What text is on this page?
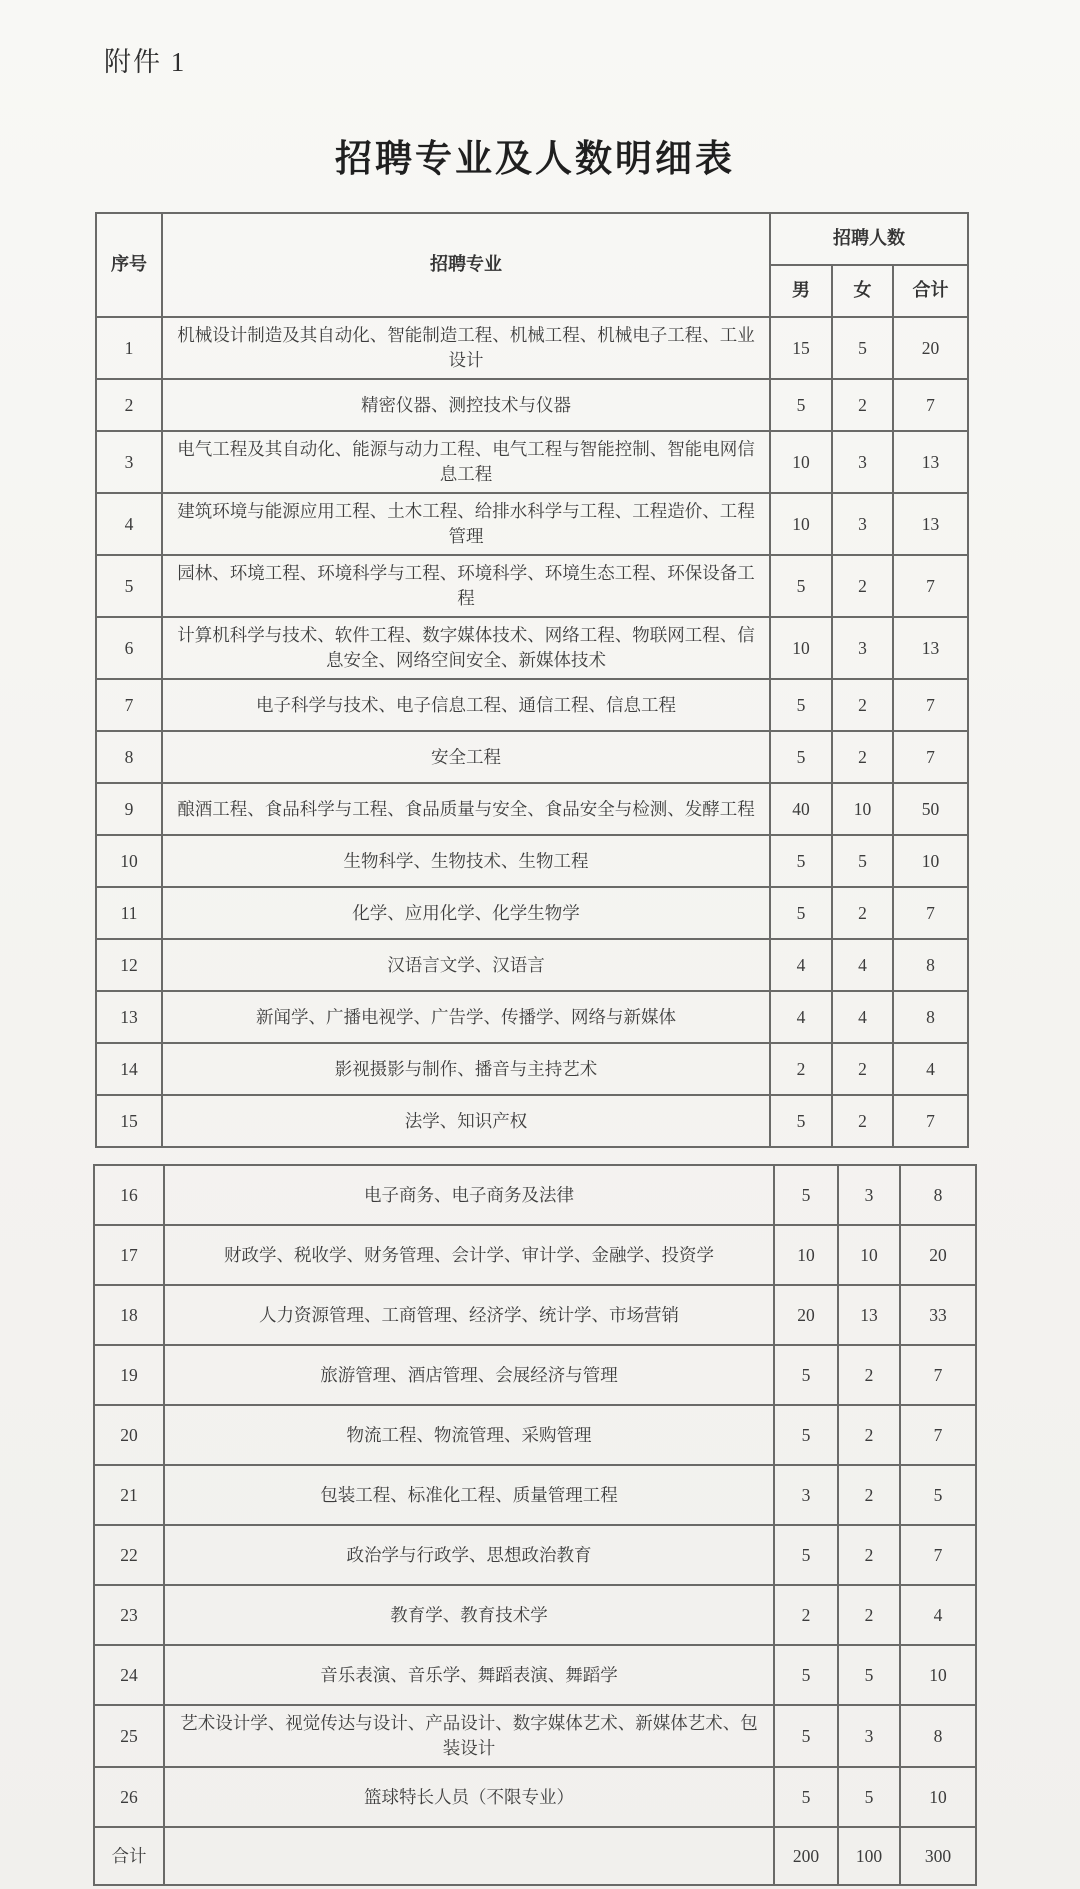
附件 1
招聘专业及人数明细表
序号	招聘专业	招聘人数		
		男	女	合计
1	机械设计制造及其自动化、智能制造工程、机械工程、机械电子工程、工业设计	15	5	20
2	精密仪器、测控技术与仪器	5	2	7
3	电气工程及其自动化、能源与动力工程、电气工程与智能控制、智能电网信息工程	10	3	13
4	建筑环境与能源应用工程、土木工程、给排水科学与工程、工程造价、工程管理	10	3	13
5	园林、环境工程、环境科学与工程、环境科学、环境生态工程、环保设备工程	5	2	7
6	计算机科学与技术、软件工程、数字媒体技术、网络工程、物联网工程、信息安全、网络空间安全、新媒体技术	10	3	13
7	电子科学与技术、电子信息工程、通信工程、信息工程	5	2	7
8	安全工程	5	2	7
9	酿酒工程、食品科学与工程、食品质量与安全、食品安全与检测、发酵工程	40	10	50
10	生物科学、生物技术、生物工程	5	5	10
11	化学、应用化学、化学生物学	5	2	7
12	汉语言文学、汉语言	4	4	8
13	新闻学、广播电视学、广告学、传播学、网络与新媒体	4	4	8
14	影视摄影与制作、播音与主持艺术	2	2	4
15	法学、知识产权	5	2	7
16	电子商务、电子商务及法律	5	3	8
17	财政学、税收学、财务管理、会计学、审计学、金融学、投资学	10	10	20
18	人力资源管理、工商管理、经济学、统计学、市场营销	20	13	33
19	旅游管理、酒店管理、会展经济与管理	5	2	7
20	物流工程、物流管理、采购管理	5	2	7
21	包装工程、标准化工程、质量管理工程	3	2	5
22	政治学与行政学、思想政治教育	5	2	7
23	教育学、教育技术学	2	2	4
24	音乐表演、音乐学、舞蹈表演、舞蹈学	5	5	10
25	艺术设计学、视觉传达与设计、产品设计、数字媒体艺术、新媒体艺术、包装设计	5	3	8
26	篮球特长人员（不限专业）	5	5	10
合计		200	100	300
